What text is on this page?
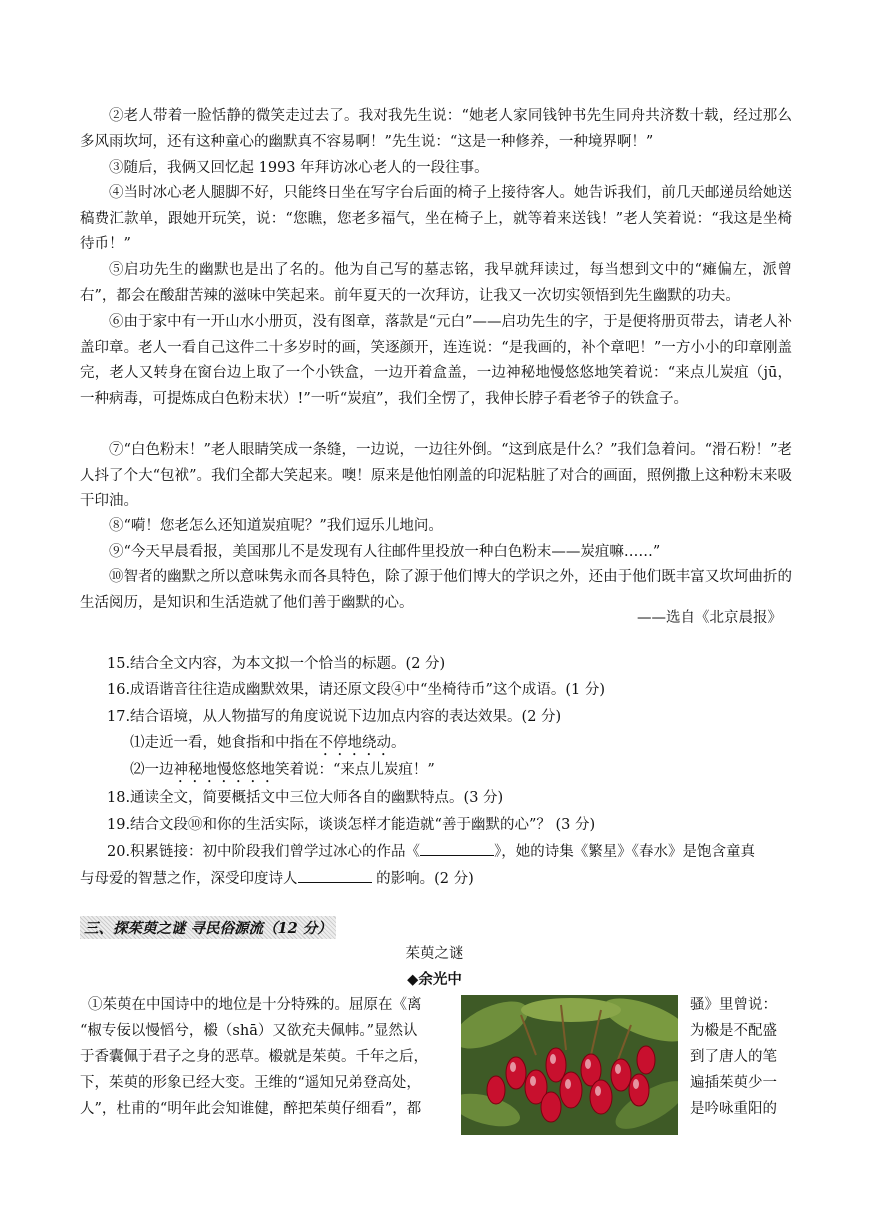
②老人带着一脸恬静的微笑走过去了。我对我先生说：“她老人家同钱钟书先生同舟共济数十载，经过那么多风雨坎坷，还有这种童心的幽默真不容易啊！”先生说：“这是一种修养，一种境界啊！”
③随后，我俩又回忆起 1993 年拜访冰心老人的一段往事。
④当时冰心老人腿脚不好，只能终日坐在写字台后面的椅子上接待客人。她告诉我们，前几天邮递员给她送稿费汇款单，跟她开玩笑，说：“您瞧，您老多福气，坐在椅子上，就等着来送钱！”老人笑着说：“我这是坐椅待币！”
⑤启功先生的幽默也是出了名的。他为自己写的墓志铭，我早就拜读过，每当想到文中的“瘫偏左，派曾右”，都会在酸甜苦辣的滋味中笑起来。前年夏天的一次拜访，让我又一次切实领悟到先生幽默的功夫。
⑥由于家中有一开山水小册页，没有图章，落款是“元白”——启功先生的字，于是便将册页带去，请老人补盖印章。老人一看自己这件二十多岁时的画，笑逐颜开，连连说：“是我画的，补个章吧！”一方小小的印章刚盖完，老人又转身在窗台边上取了一个小铁盒，一边开着盒盖，一边神秘地慢悠悠地笑着说：“来点儿炭疽（jū，一种病毒，可提炼成白色粉末状）!”一听“炭疽”，我们全愣了，我伸长脖子看老爷子的铁盒子。
⑦“白色粉末！”老人眼睛笑成一条缝，一边说，一边往外倒。“这到底是什么？”我们急着问。“滑石粉！”老人抖了个大“包袱”。我们全都大笑起来。噢！原来是他怕刚盖的印泥粘脏了对合的画面，照例撒上这种粉末来吸干印油。
⑧“嗬！您老怎么还知道炭疽呢？”我们逗乐儿地问。
⑨“今天早晨看报，美国那儿不是发现有人往邮件里投放一种白色粉末——炭疽嘛……”
⑩智者的幽默之所以意味隽永而各具特色，除了源于他们博大的学识之外，还由于他们既丰富又坎坷曲折的生活阅历，是知识和生活造就了他们善于幽默的心。
——选自《北京晨报》
15.结合全文内容，为本文拟一个恰当的标题。(2 分)
16.成语谐音往往造成幽默效果，请还原文段④中“坐椅待币”这个成语。(1 分)
17.结合语境，从人物描写的角度说说下边加点内容的表达效果。(2 分)
⑴走近一看，她食指和中指在不停地绕动。
⑵一边神秘地慢悠悠地笑着说：“来点儿炭疽！”
18.通读全文，简要概括文中三位大师各自的幽默特点。(3 分)
19.结合文段⑩和你的生活实际，谈谈怎样才能造就“善于幽默的心”？ (3 分)
20.积累链接：初中阶段我们曾学过冰心的作品《	》，她的诗集《繁星》《春水》是饱含童真
与母爱的智慧之作，深受印度诗人	的影响。(2 分)
三、探茱萸之谜 寻民俗源流（12 分）
茱萸之谜
◆余光中
①茱萸在中国诗中的地位是十分特殊的。屈原在《离
“椒专佞以慢慆兮，榝（shā）又欲充夫佩帏。”显然认
于香囊佩于君子之身的恶草。榝就是茱萸。千年之后，
下，茱萸的形象已经大变。王维的“遥知兄弟登高处，
人”，杜甫的“明年此会知谁健，醉把茱萸仔细看”，都
骚》里曾说：
为榝是不配盛
到了唐人的笔
遍插茱萸少一
是吟咏重阳的
